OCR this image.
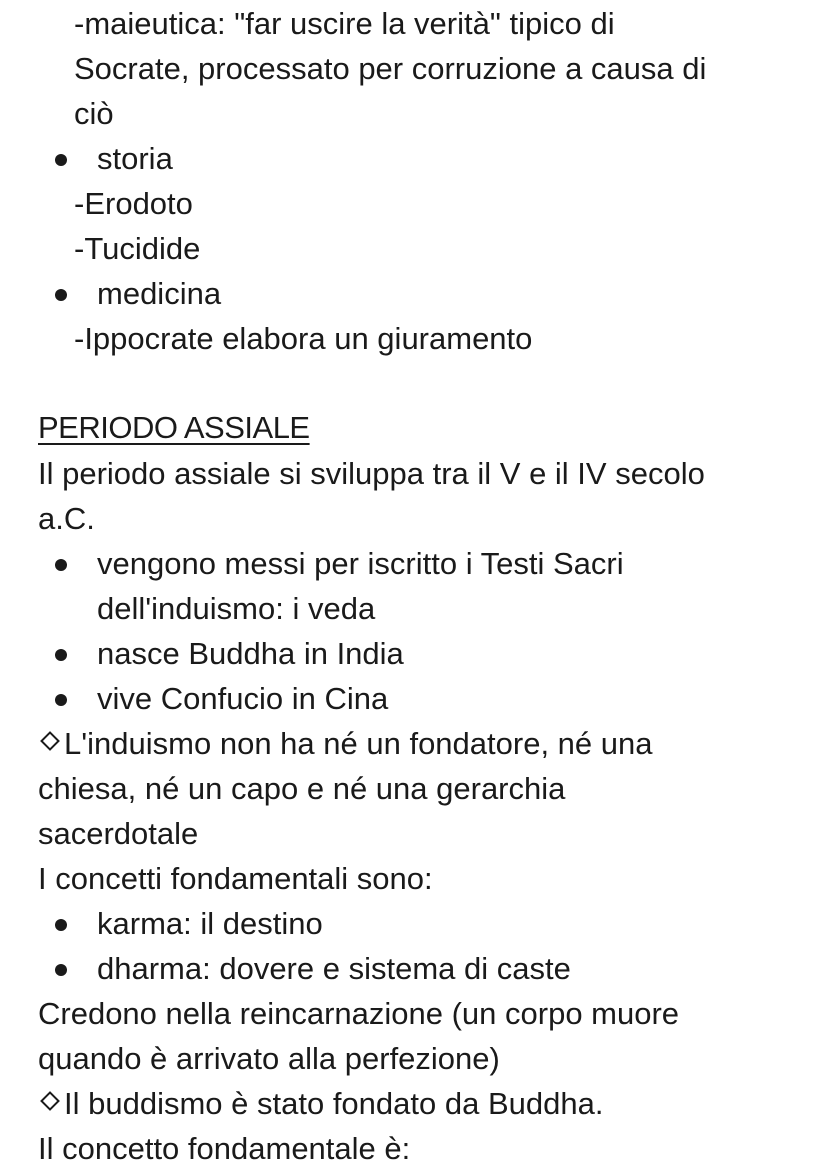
-maieutica: "far uscire la verità" tipico di
Socrate, processato per corruzione a causa di
ciò
storia
-Erodoto
-Tucidide
medicina
-Ippocrate elabora un giuramento
PERIODO ASSIALE
Il periodo assiale si sviluppa tra il V e il IV secolo
a.C.
vengono messi per iscritto i Testi Sacri
dell'induismo: i veda
nasce Buddha in India
vive Confucio in Cina
L'induismo non ha né un fondatore, né una
chiesa, né un capo e né una gerarchia
sacerdotale
I concetti fondamentali sono:
karma: il destino
dharma: dovere e sistema di caste
Credono nella reincarnazione (un corpo muore
quando è arrivato alla perfezione)
Il buddismo è stato fondato da Buddha.
Il concetto fondamentale è:
